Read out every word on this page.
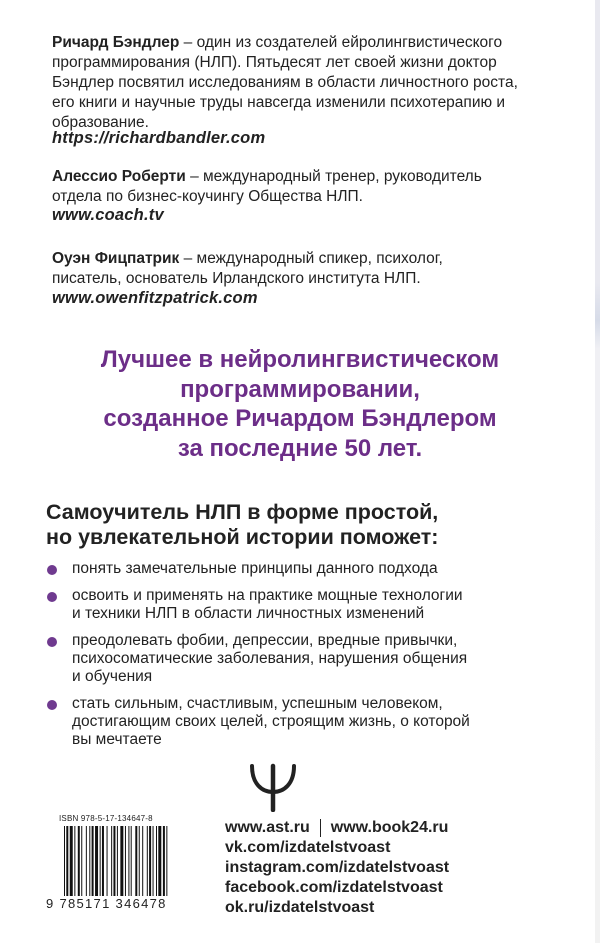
Ричард Бэндлер – один из создателей ейролингвистического
программирования (НЛП). Пятьдесят лет своей жизни доктор
Бэндлер посвятил исследованиям в области личностного роста,
его книги и научные труды навсегда изменили психотерапию и
образование.
https://richardbandler.com
Алессио Роберти – международный тренер, руководитель
отдела по бизнес-коучингу Общества НЛП.
www.coach.tv
Оуэн Фицпатрик – международный спикер, психолог,
писатель, основатель Ирландского института НЛП.
www.owenfitzpatrick.com
Лучшее в нейролингвистическом
программировании,
созданное Ричардом Бэндлером
за последние 50 лет.
Самоучитель НЛП в форме простой,
но увлекательной истории поможет:
понять замечательные принципы данного подхода
освоить и применять на практике мощные технологии
и техники НЛП в области личностных изменений
преодолевать фобии, депрессии, вредные привычки,
психосоматические заболевания, нарушения общения
и обучения
стать сильным, счастливым, успешным человеком,
достигающим своих целей, строящим жизнь, о которой
вы мечтаете
ISBN 978-5-17-134647-8
9 785171 346478
www.ast.ru www.book24.ru
vk.com/izdatelstvoast
instagram.com/izdatelstvoast
facebook.com/izdatelstvoast
ok.ru/izdatelstvoast
